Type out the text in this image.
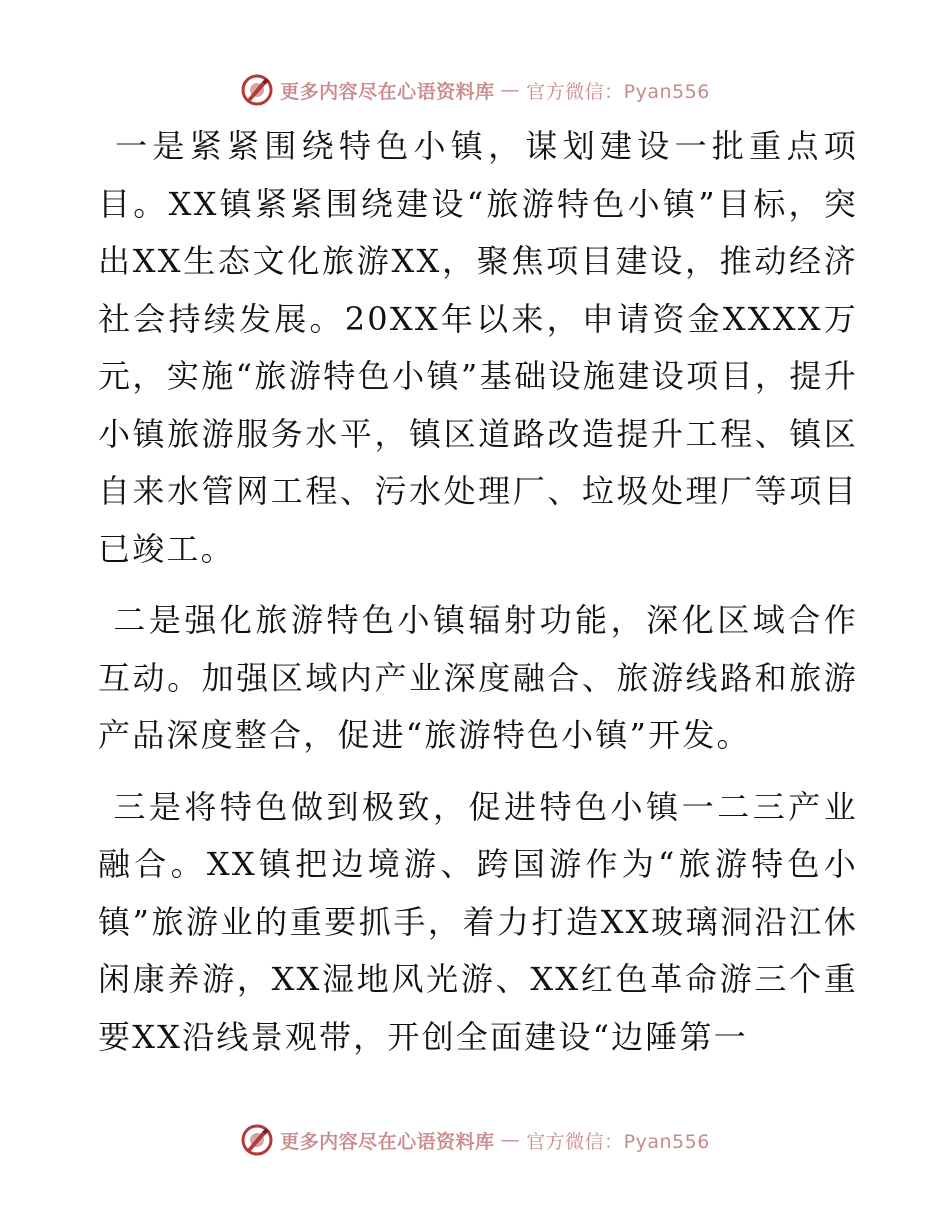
更多内容尽在心语资料库 — 官方微信：Pyan556

一是紧紧围绕特色小镇，谋划建设一批重点项目。XX镇紧紧围绕建设“旅游特色小镇”目标，突出XX生态文化旅游XX，聚焦项目建设，推动经济社会持续发展。20XX年以来，申请资金XXXX万元，实施“旅游特色小镇”基础设施建设项目，提升小镇旅游服务水平，镇区道路改造提升工程、镇区自来水管网工程、污水处理厂、垃圾处理厂等项目已竣工。

二是强化旅游特色小镇辐射功能，深化区域合作互动。加强区域内产业深度融合、旅游线路和旅游产品深度整合，促进“旅游特色小镇”开发。

三是将特色做到极致，促进特色小镇一二三产业融合。XX镇把边境游、跨国游作为“旅游特色小镇”旅游业的重要抓手，着力打造XX玻璃洞沿江休闲康养游，XX湿地风光游、XX红色革命游三个重要XX沿线景观带，开创全面建设“边陲第一

更多内容尽在心语资料库 — 官方微信：Pyan556
